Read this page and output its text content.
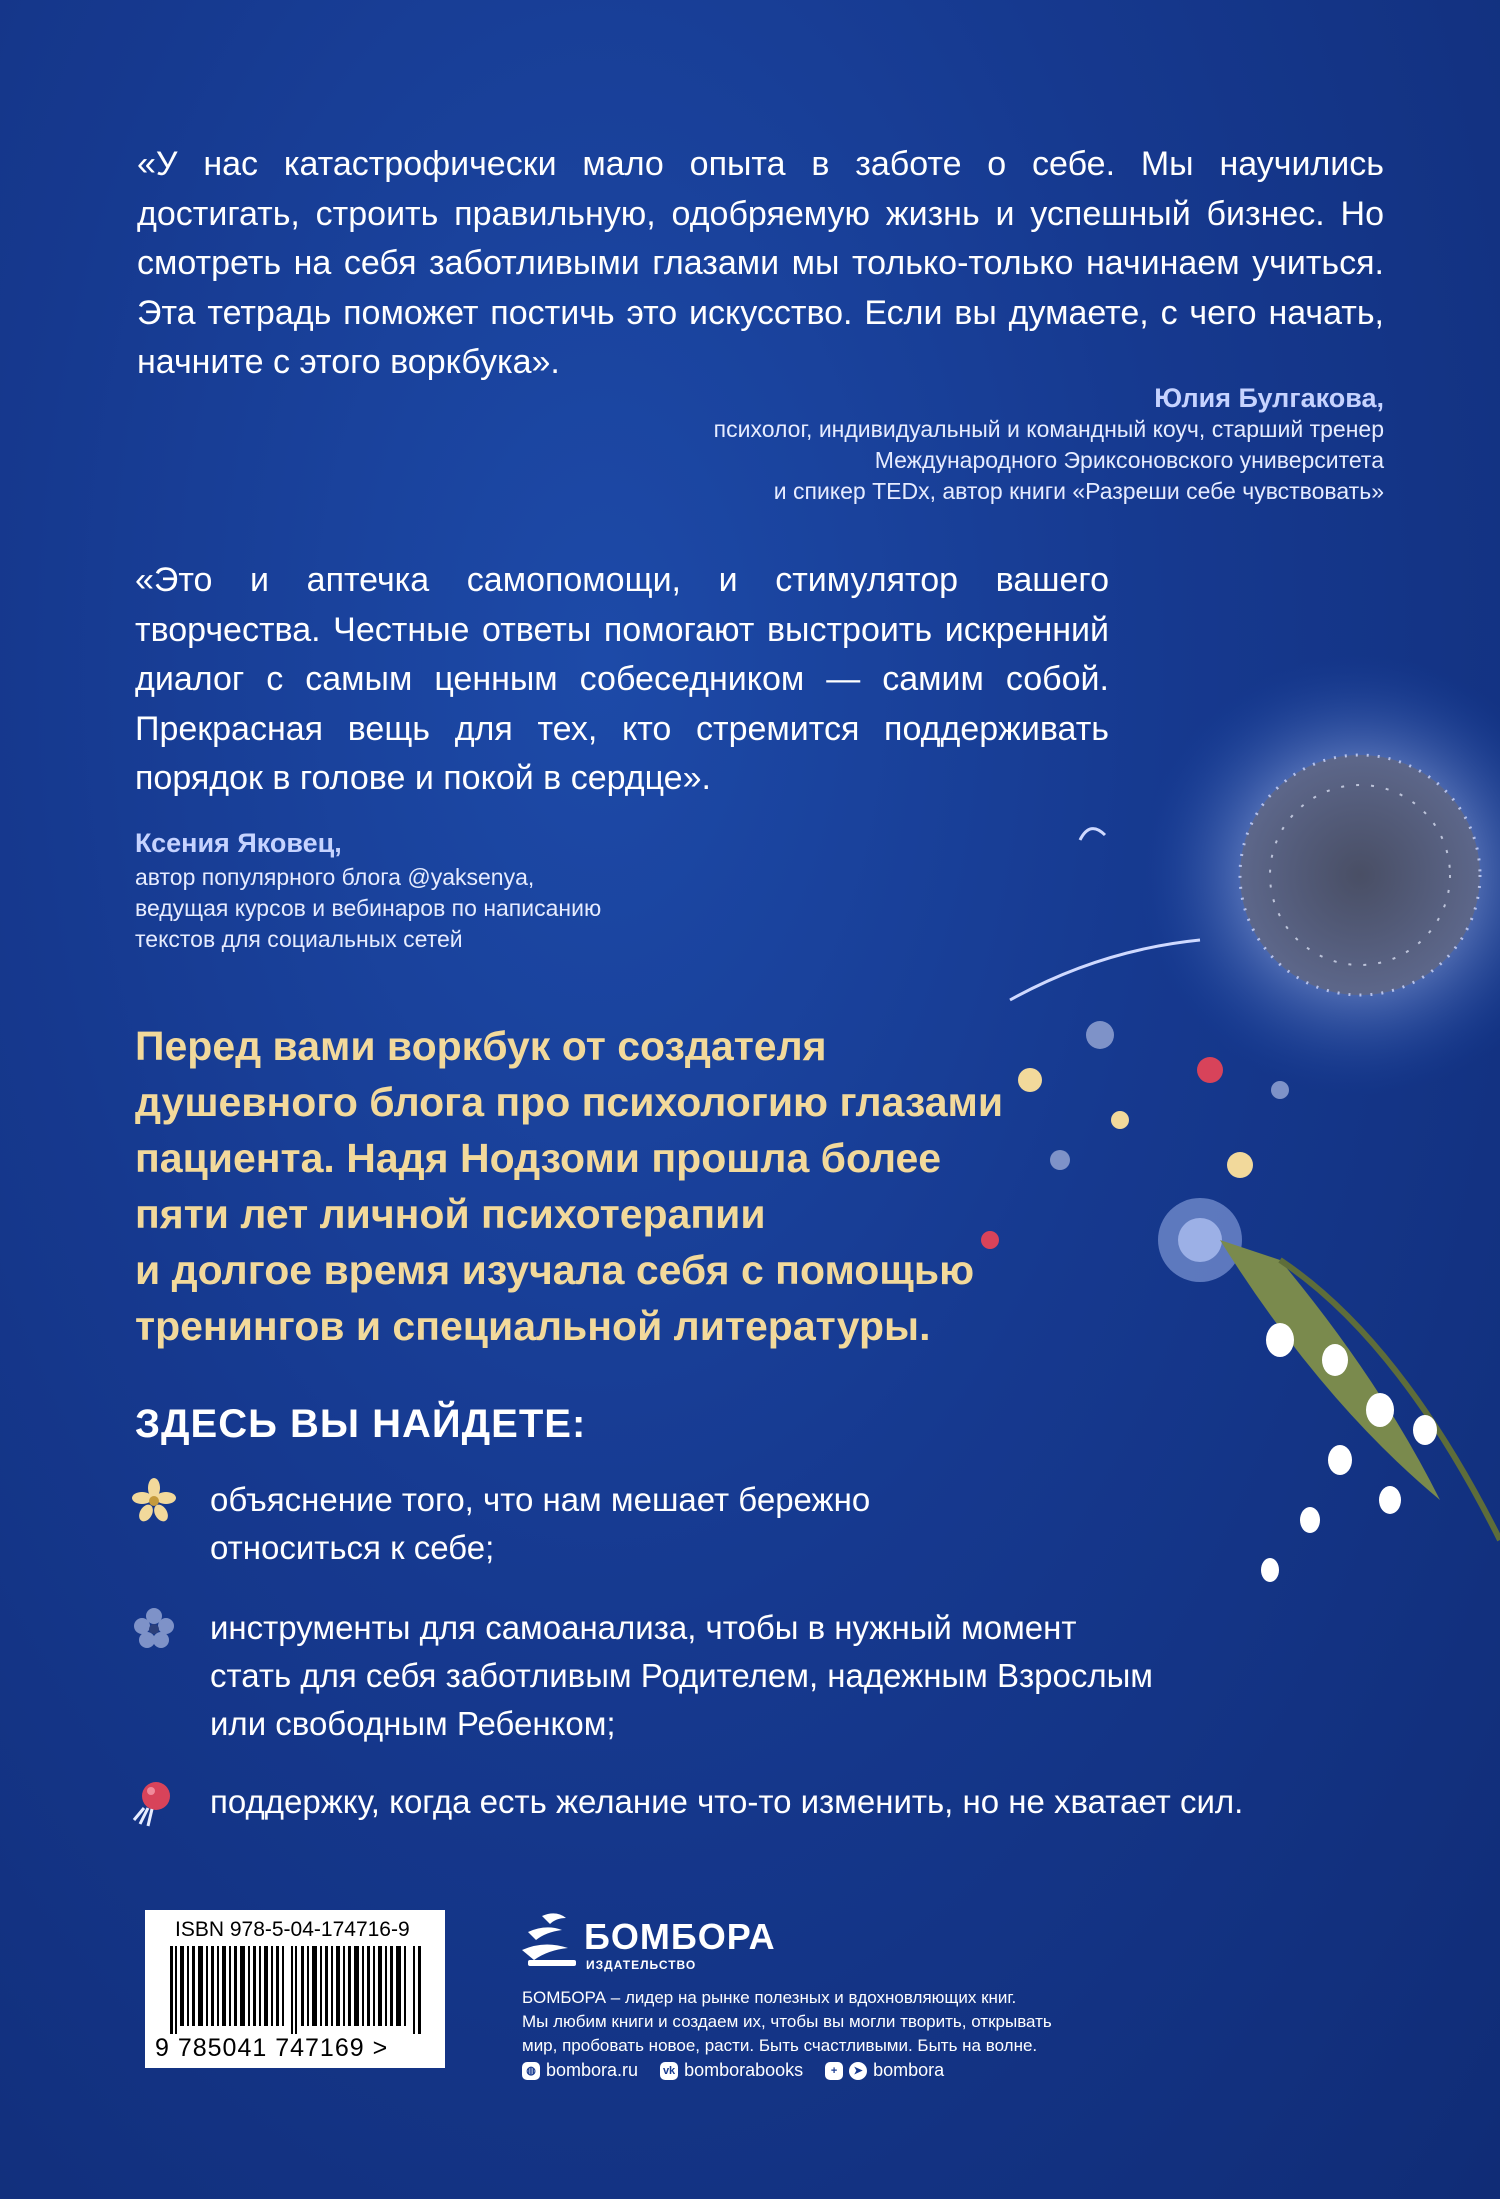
«У нас катастрофически мало опыта в заботе о себе. Мы научились достигать, строить правильную, одобряемую жизнь и успешный бизнес. Но смотреть на себя заботливыми глазами мы только-только начинаем учиться. Эта тетрадь поможет постичь это искусство. Если вы думаете, с чего начать, начните с этого воркбука».
Юлия Булгакова,
психолог, индивидуальный и командный коуч, старший тренер
Международного Эриксоновского университета
и спикер TEDx, автор книги «Разреши себе чувствовать»
«Это и аптечка самопомощи, и стимулятор вашего творчества. Честные ответы помогают выстроить искренний диалог с самым ценным собеседником — самим собой. Прекрасная вещь для тех, кто стремится поддерживать порядок в голове и покой в сердце».
Ксения Яковец,
автор популярного блога @yaksenya,
ведущая курсов и вебинаров по написанию
текстов для социальных сетей
Перед вами воркбук от создателя
душевного блога про психологию глазами
пациента. Надя Нодзоми прошла более
пяти лет личной психотерапии
и долгое время изучала себя с помощью
тренингов и специальной литературы.
ЗДЕСЬ ВЫ НАЙДЕТЕ:
объяснение того, что нам мешает бережно
относиться к себе;
инструменты для самоанализа, чтобы в нужный момент
стать для себя заботливым Родителем, надежным Взрослым
или свободным Ребенком;
поддержку, когда есть желание что-то изменить, но не хватает сил.
ISBN 978-5-04-174716-9
9 785041 747169 >
БОМБОРА
ИЗДАТЕЛЬСТВО
БОМБОРА – лидер на рынке полезных и вдохновляющих книг.
Мы любим книги и создаем их, чтобы вы могли творить, открывать
мир, пробовать новое, расти. Быть счастливыми. Быть на волне.
◍ bombora.ru vk bomborabooks	+	➤ bombora
